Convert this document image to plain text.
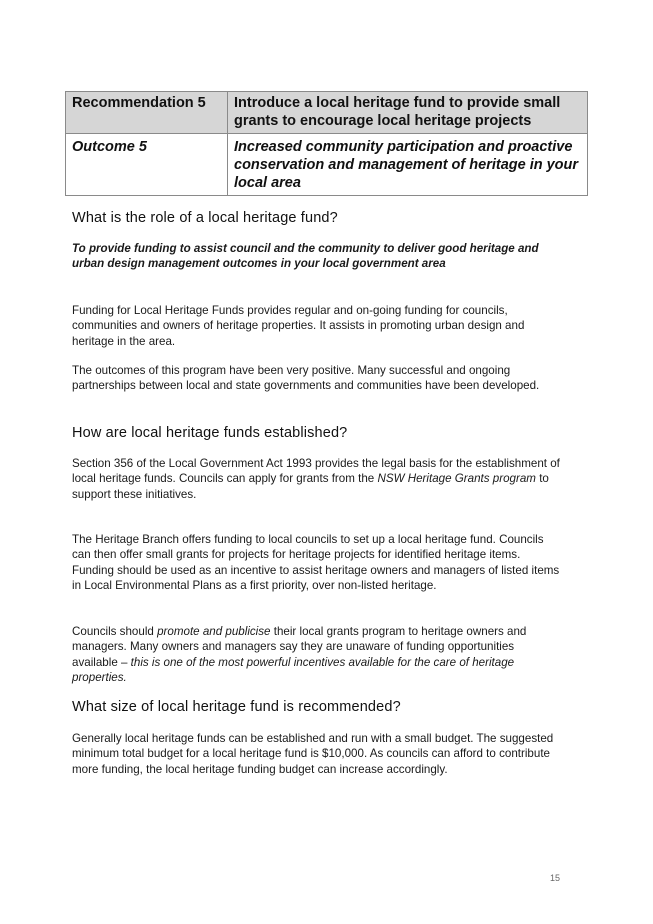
Recommendation 5	Introduce a local heritage fund to provide small grants to encourage local heritage projects
Outcome 5	Increased community participation and proactive conservation and management of heritage in your local area
What is the role of a local heritage fund?

To provide funding to assist council and the community to deliver good heritage and urban design management outcomes in your local government area

Funding for Local Heritage Funds provides regular and on-going funding for councils, communities and owners of heritage properties. It assists in promoting urban design and heritage in the area.

The outcomes of this program have been very positive. Many successful and ongoing partnerships between local and state governments and communities have been developed.

How are local heritage funds established?

Section 356 of the Local Government Act 1993 provides the legal basis for the establishment of local heritage funds. Councils can apply for grants from the NSW Heritage Grants program to support these initiatives.

The Heritage Branch offers funding to local councils to set up a local heritage fund. Councils can then offer small grants for projects for heritage projects for identified heritage items. Funding should be used as an incentive to assist heritage owners and managers of listed items in Local Environmental Plans as a first priority, over non-listed heritage.

Councils should promote and publicise their local grants program to heritage owners and managers. Many owners and managers say they are unaware of funding opportunities available – this is one of the most powerful incentives available for the care of heritage properties.

What size of local heritage fund is recommended?

Generally local heritage funds can be established and run with a small budget. The suggested minimum total budget for a local heritage fund is $10,000. As councils can afford to contribute more funding, the local heritage funding budget can increase accordingly.

15
